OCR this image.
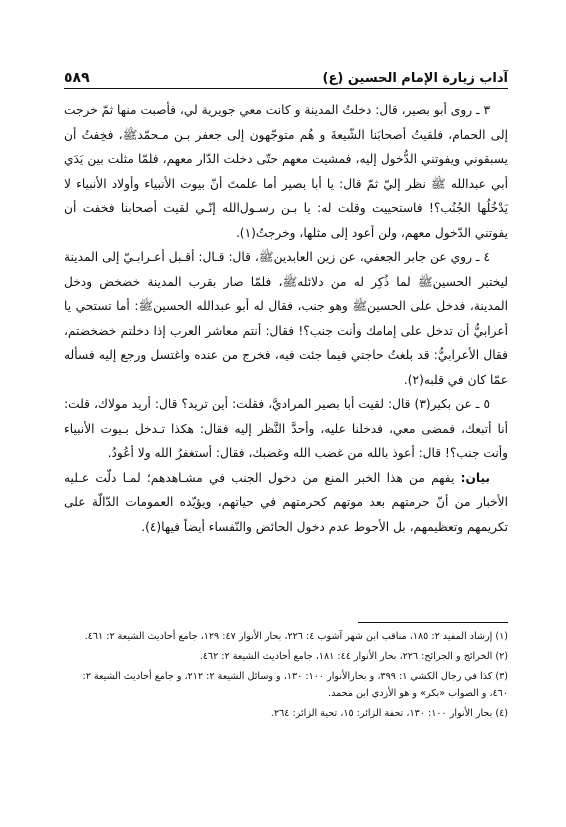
آداب زيارة الإمام الحسين (ع)
٥٨٩

٣ ـ روى أبو بصير، قال: دخلتُ المدينة و كانت معي جويرية لي، فأصبت منها ثمّ خرجت إلى الحمام، فلقيتُ أصحابَنا الشّيعةَ و هُم متوجّهون إلى جعفر بـن مـحمّدﷺ، فخِفتُ أن يسبقوني ويفوتني الدُّخول إليه، فمشيت معهم حتّى دخلت الدّار معهم، فلمّا مثلت بين يَدَي أبي عبدالله ﷺ نظر إليّ ثمّ قال: يا أبا بصير أما علمتَ أنّ بيوت الأنبياء وأولاد الأنبياء لا يَدْخُلُها الجُنُب؟! فاستحييت وقلت له: يا بـن رسـول‌الله إنّـي لقيت أصحابنا فخفت أن يفوتني الدّخول معهم، ولن أعود إلى مثلها، وخرجتُ(١).

٤ ـ روي عن جابر الجعفي، عن زين العابدينﷺ، قال: قـال: أقـبل أعـرابـيّ إلى المدينة ليختبر الحسينﷺ لما ذُكِر له من دلائلهﷺ، فلمّا صار بقرب المدينة خضخض ودخل المدينة، فدخل على الحسينﷺ وهو جنب، فقال له أبو عبدالله الحسينﷺ: أما تستحي يا أعرابيُّ أن تدخل على إمامك وأنت جنب؟! فقال: أنتم معاشر العرب إذا دخلتم خضخضتم، فقال الأعرابيُّ: قد بلغتُ حاجتي فيما جئت فيه، فخرج من عنده واغتسل ورجع إليه فسأله عمّا كان في قلبه(٢).

٥ ـ عن بكير(٣) قال: لقيت أبا بصير المراديَّ، فقلت: أين تريد؟ قال: أريد مولاك، قلت: أنا أتبعك، فمضى معي، فدخلنا عليه، وأحدَّ النَّظر إليه فقال: هكذا تـدخل بـيوت الأنبياء وأنت جنب؟! قال: أعوذ بالله من غضب الله وغضبك، فقال: أستغفرُ الله ولا أعُودُ.

بيان: يفهم من هذا الخبر المنع من دخول الجنب في مشـاهدهم؛ لمـا دلّت عـليه الأخبار من أنّ حرمتهم بعد موتهم كحرمتهم في حياتهم، ويؤيّده العمومات الدّالّة على تكريمهم وتعظيمهم، بل الأحوط عدم دخول الحائض والنّفساء أيضاً فيها(٤).

(١) إرشاد المفيد ٢: ١٨٥، مناقب ابن شهر آشوب ٤: ٢٢٦، بحار الأنوار ٤٧: ١٢٩، جامع أحاديث الشيعة ٢: ٤٦١.

(٢) الخرائج و الجرائح: ٢٢٦، بحار الأنوار ٤٤: ١٨١، جامع أحاديث الشيعة ٢: ٤٦٢.

(٣) كذا في رجال الكشي ١: ٣٩٩، و بحارالأنوار ١٠٠: ١٣٠، و وسائل الشيعة ٢: ٢١٢، و جامع أحاديث الشيعة ٢: ٤٦٠، و الصواب «بكر» و هو الأزدي ابن محمد.

(٤) بحار الأنوار ١٠٠: ١٣٠، تحفة الزائر: ١٥، تحية الزائر: ٢٦٤.
